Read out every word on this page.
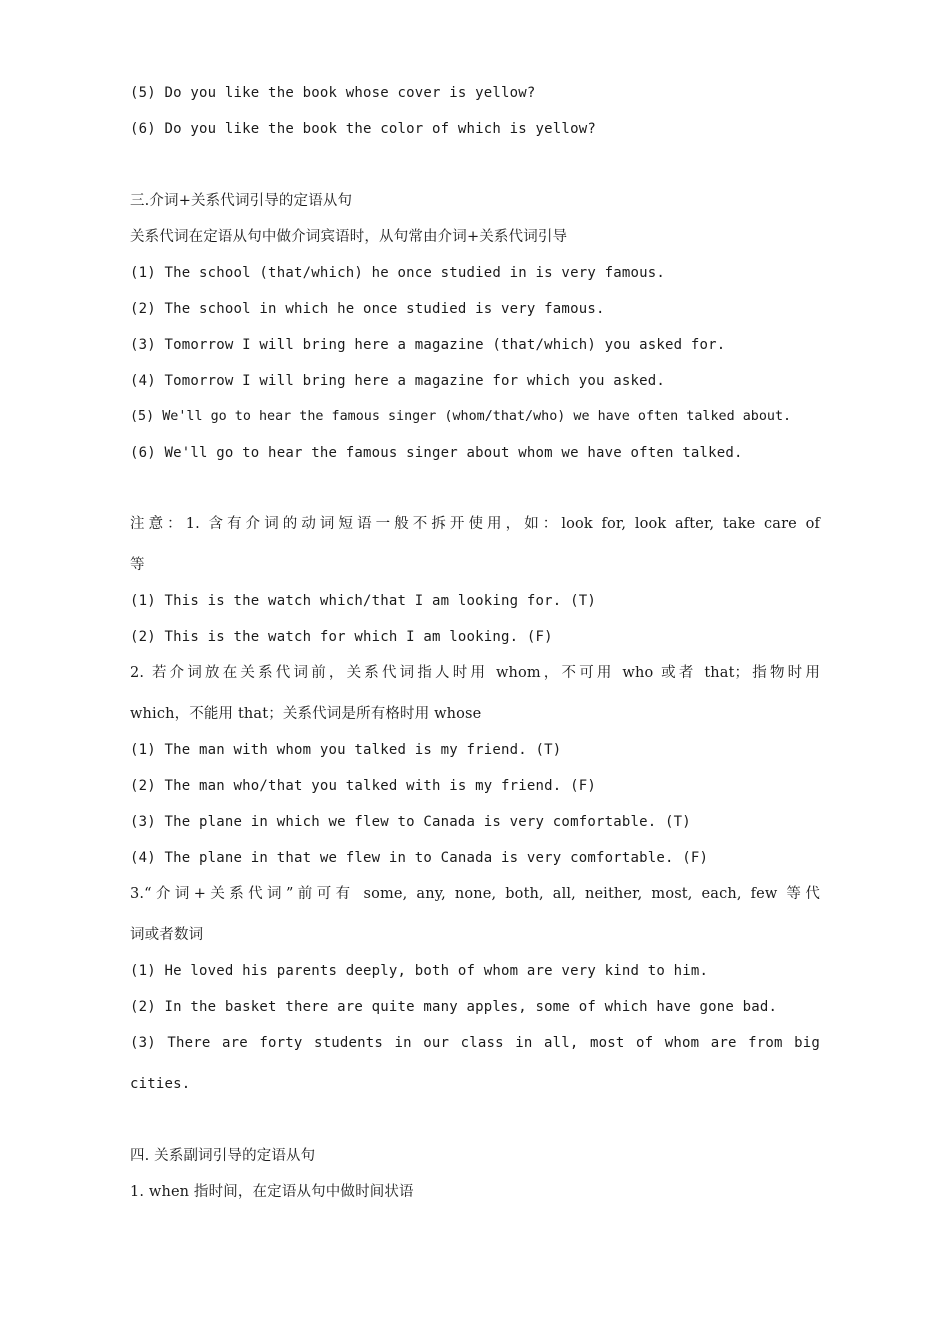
(5) Do you like the book whose cover is yellow?
(6) Do you like the book the color of which is yellow?
三.介词+关系代词引导的定语从句
关系代词在定语从句中做介词宾语时，从句常由介词+关系代词引导
(1) The school (that/which) he once studied in is very famous.
(2) The school in which he once studied is very famous.
(3) Tomorrow I will bring here a magazine (that/which) you asked for.
(4) Tomorrow I will bring here a magazine for which you asked.
(5) We'll go to hear the famous singer (whom/that/who) we have often talked about.
(6) We'll go to hear the famous singer about whom we have often talked.
注意：1. 含有介词的动词短语一般不拆开使用，如：look for, look after, take care of
等
(1) This is the watch which/that I am looking for. (T)
(2) This is the watch for which I am looking. (F)
2. 若介词放在关系代词前，关系代词指人时用 whom，不可用 who 或者 that；指物时用
which，不能用 that；关系代词是所有格时用 whose
(1) The man with whom you talked is my friend. (T)
(2) The man who/that you talked with is my friend. (F)
(3) The plane in which we flew to Canada is very comfortable. (T)
(4) The plane in that we flew in to Canada is very comfortable. (F)
3.“介词+关系代词”前可有 some, any, none, both, all, neither, most, each, few 等代
词或者数词
(1) He loved his parents deeply, both of whom are very kind to him.
(2) In the basket there are quite many apples, some of which have gone bad.
(3) There are forty students in our class in all, most of whom are from big
cities.
四. 关系副词引导的定语从句
1. when 指时间，在定语从句中做时间状语
